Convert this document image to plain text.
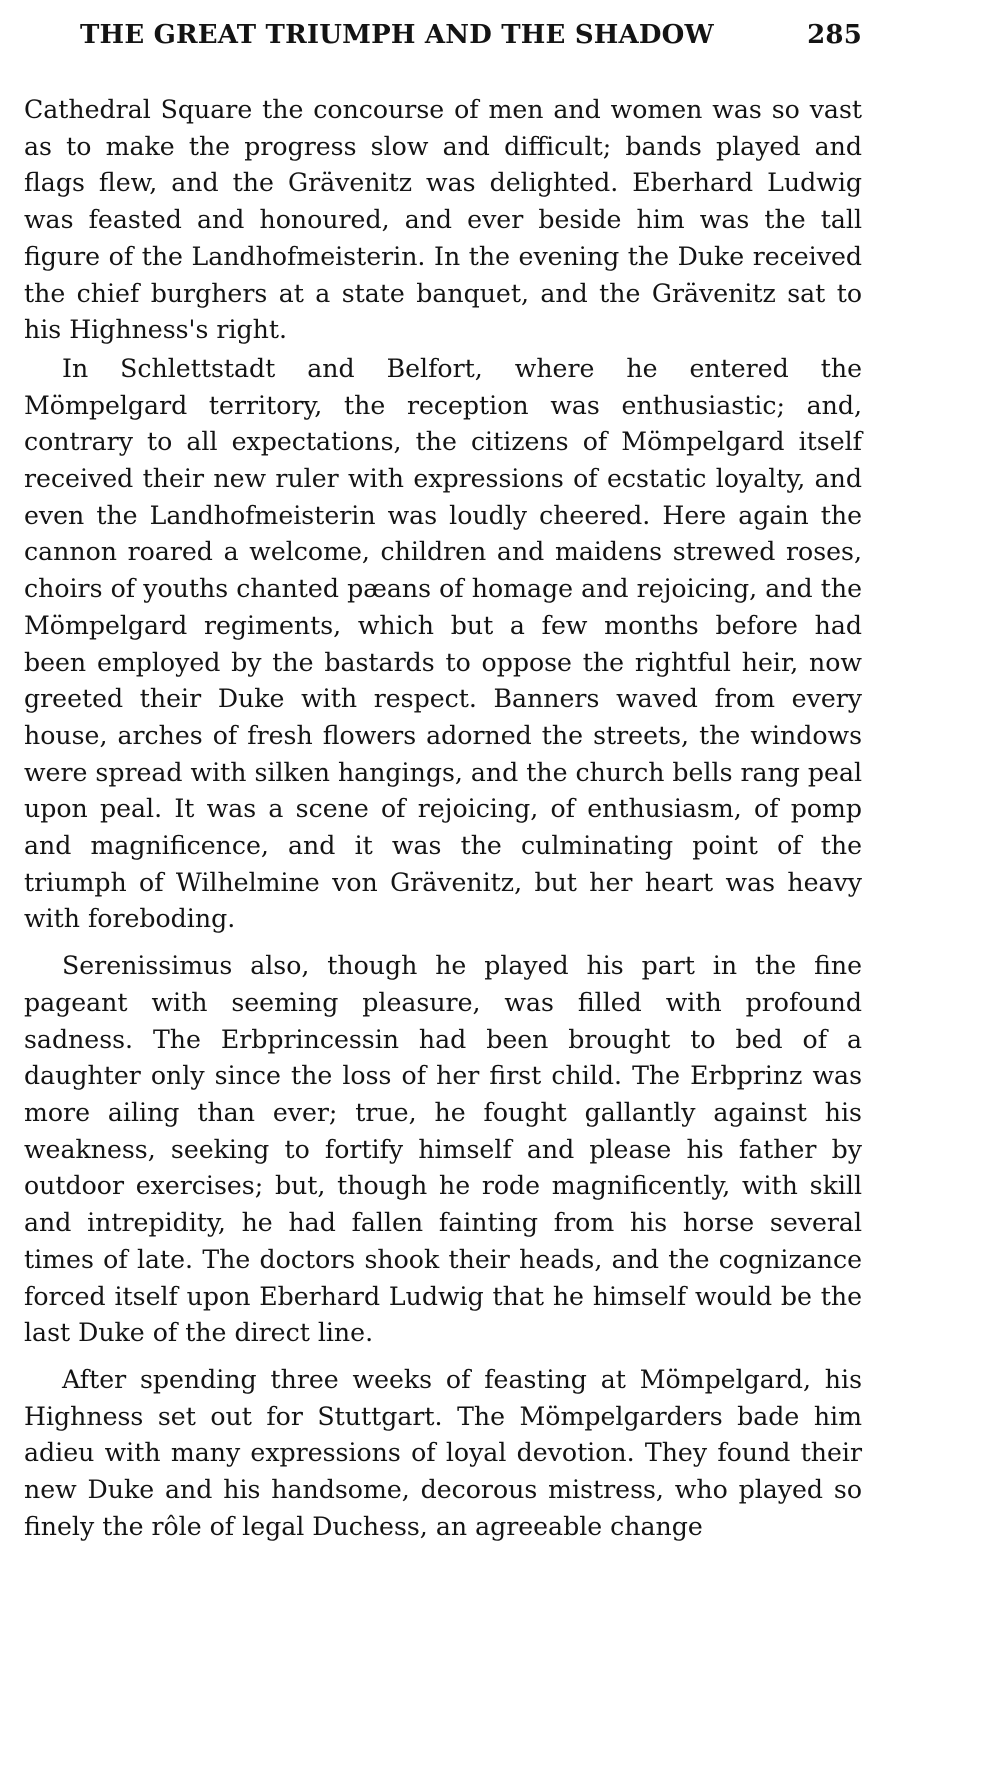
THE GREAT TRIUMPH AND THE SHADOW	285

Cathedral Square the concourse of men and women was so vast as to make the progress slow and difficult; bands played and flags flew, and the Grävenitz was delighted. Eberhard Ludwig was feasted and honoured, and ever beside him was the tall figure of the Landhofmeisterin. In the evening the Duke received the chief burghers at a state banquet, and the Grävenitz sat to his Highness's right.

In Schlettstadt and Belfort, where he entered the Mömpelgard territory, the reception was enthusiastic; and, contrary to all expectations, the citizens of Mömpelgard itself received their new ruler with expressions of ecstatic loyalty, and even the Landhofmeisterin was loudly cheered. Here again the cannon roared a welcome, children and maidens strewed roses, choirs of youths chanted pæans of homage and rejoicing, and the Mömpelgard regiments, which but a few months before had been employed by the bastards to oppose the rightful heir, now greeted their Duke with respect. Banners waved from every house, arches of fresh flowers adorned the streets, the windows were spread with silken hangings, and the church bells rang peal upon peal. It was a scene of rejoicing, of enthusiasm, of pomp and magnificence, and it was the culminating point of the triumph of Wilhelmine von Grävenitz, but her heart was heavy with foreboding.

Serenissimus also, though he played his part in the fine pageant with seeming pleasure, was filled with profound sadness. The Erbprincessin had been brought to bed of a daughter only since the loss of her first child. The Erbprinz was more ailing than ever; true, he fought gallantly against his weakness, seeking to fortify himself and please his father by outdoor exercises; but, though he rode magnificently, with skill and intrepidity, he had fallen fainting from his horse several times of late. The doctors shook their heads, and the cognizance forced itself upon Eberhard Ludwig that he himself would be the last Duke of the direct line.

After spending three weeks of feasting at Mömpelgard, his Highness set out for Stuttgart. The Mömpelgarders bade him adieu with many expressions of loyal devotion. They found their new Duke and his handsome, decorous mistress, who played so finely the rôle of legal Duchess, an agreeable change
